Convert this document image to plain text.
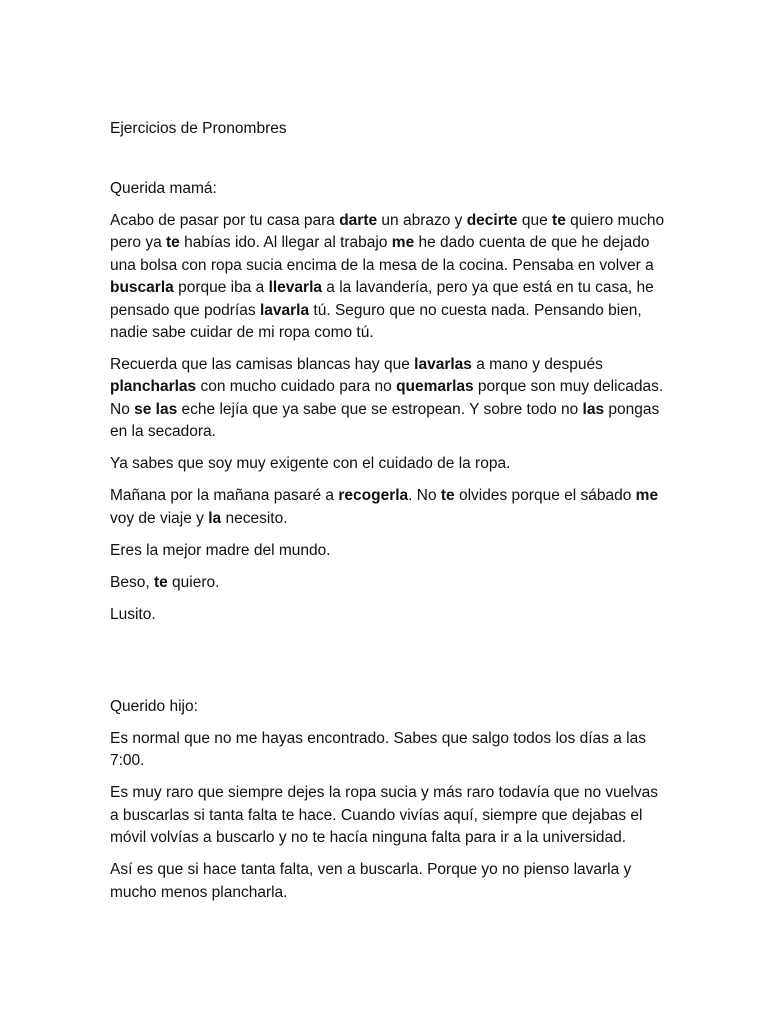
Ejercicios de Pronombres

Querida mamá:

Acabo de pasar por tu casa para darte un abrazo y decirte que te quiero mucho pero ya te habías ido. Al llegar al trabajo me he dado cuenta de que he dejado una bolsa con ropa sucia encima de la mesa de la cocina. Pensaba en volver a buscarla porque iba a llevarla a la lavandería, pero ya que está en tu casa, he pensado que podrías lavarla tú. Seguro que no cuesta nada. Pensando bien, nadie sabe cuidar de mi ropa como tú.

Recuerda que las camisas blancas hay que lavarlas a mano y después plancharlas con mucho cuidado para no quemarlas porque son muy delicadas. No se las eche lejía que ya sabe que se estropean. Y sobre todo no las pongas en la secadora.

Ya sabes que soy muy exigente con el cuidado de la ropa.

Mañana por la mañana pasaré a recogerla. No te olvides porque el sábado me voy de viaje y la necesito.

Eres la mejor madre del mundo.

Beso, te quiero.

Lusito.

Querido hijo:

Es normal que no me hayas encontrado. Sabes que salgo todos los días a las 7:00.

Es muy raro que siempre dejes la ropa sucia y más raro todavía que no vuelvas a buscarlas si tanta falta te hace. Cuando vivías aquí, siempre que dejabas el móvil volvías a buscarlo y no te hacía ninguna falta para ir a la universidad.

Así es que si hace tanta falta, ven a buscarla. Porque yo no pienso lavarla y mucho menos plancharla.
